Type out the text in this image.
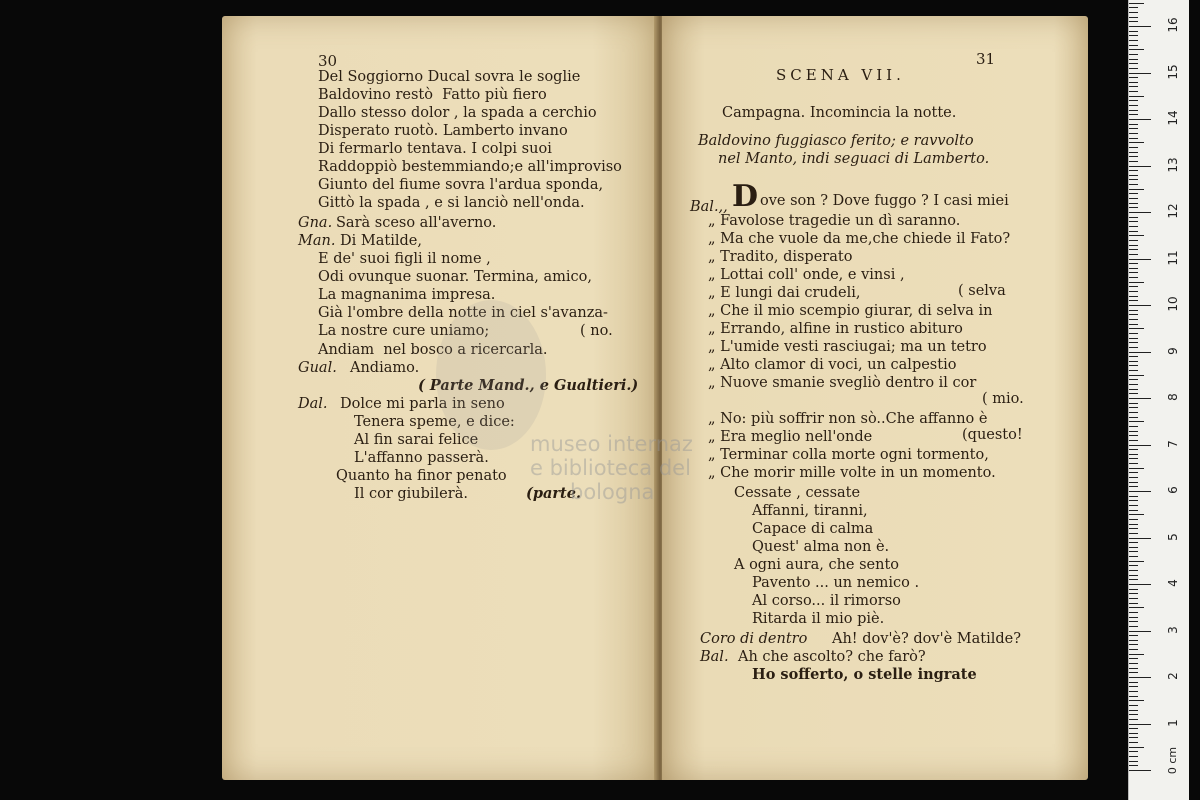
30
Del Soggiorno Ducal sovra le soglie
Baldovino restò  Fatto più fiero
Dallo stesso dolor , la spada a cerchio
Disperato ruotò. Lamberto invano
Di fermarlo tentava. I colpi suoi
Raddoppiò bestemmiando;e all'improviso
Giunto del fiume sovra l'ardua sponda,
Gittò la spada , e si lanciò nell'onda.
Gna. Sarà sceso all'averno.
Man. Di Matilde,
E de' suoi figli il nome ,
Odi ovunque suonar. Termina, amico,
La magnanima impresa.
Già l'ombre della notte in ciel s'avanza-
La nostre cure uniamo;	( no.
Andiam  nel bosco a ricercarla.
Gual. Andiamo.
( Parte Mand., e Gualtieri.)
Dal. Dolce mi parla in seno
Tenera speme, e dice:
Al fin sarai felice
L'affanno passerà.
Quanto ha finor penato
Il cor giubilerà.	(parte.
SCENA VII.
31
Campagna. Incomincia la notte.
Baldovino fuggiasco ferito; e ravvolto
nel Manto, indi seguaci di Lamberto.
Bal.,, D ove son ? Dove fuggo ? I casi miei
„ Favolose tragedie un dì saranno.
„ Ma che vuole da me,che chiede il Fato?
„ Tradito, disperato
„ Lottai coll' onde, e vinsi ,
„ E lungi dai crudeli,	( selva
„ Che il mio scempio giurar, di selva in
„ Errando, alfine in rustico abituro
„ L'umide vesti rasciugai; ma un tetro
„ Alto clamor di voci, un calpestio
„ Nuove smanie svegliò dentro il cor
( mio.
„ No: più soffrir non sò..Che affanno è
„ Era meglio nell'onde	(questo!
„ Terminar colla morte ogni tormento,
„ Che morir mille volte in un momento.
Cessate , cessate
Affanni, tiranni,
Capace di calma
Quest' alma non è.
A ogni aura, che sento
Pavento ... un nemico .
Al corso... il rimorso
Ritarda il mio piè.
Coro di dentro Ah! dov'è? dov'è Matilde?
Bal. Ah che ascolto? che farò?
Ho sofferto, o stelle ingrate
museo internaz
e biblioteca del
bologna
0 cm
1
2
3
4
5
6
7
8
9
10
11
12
13
14
15
16
